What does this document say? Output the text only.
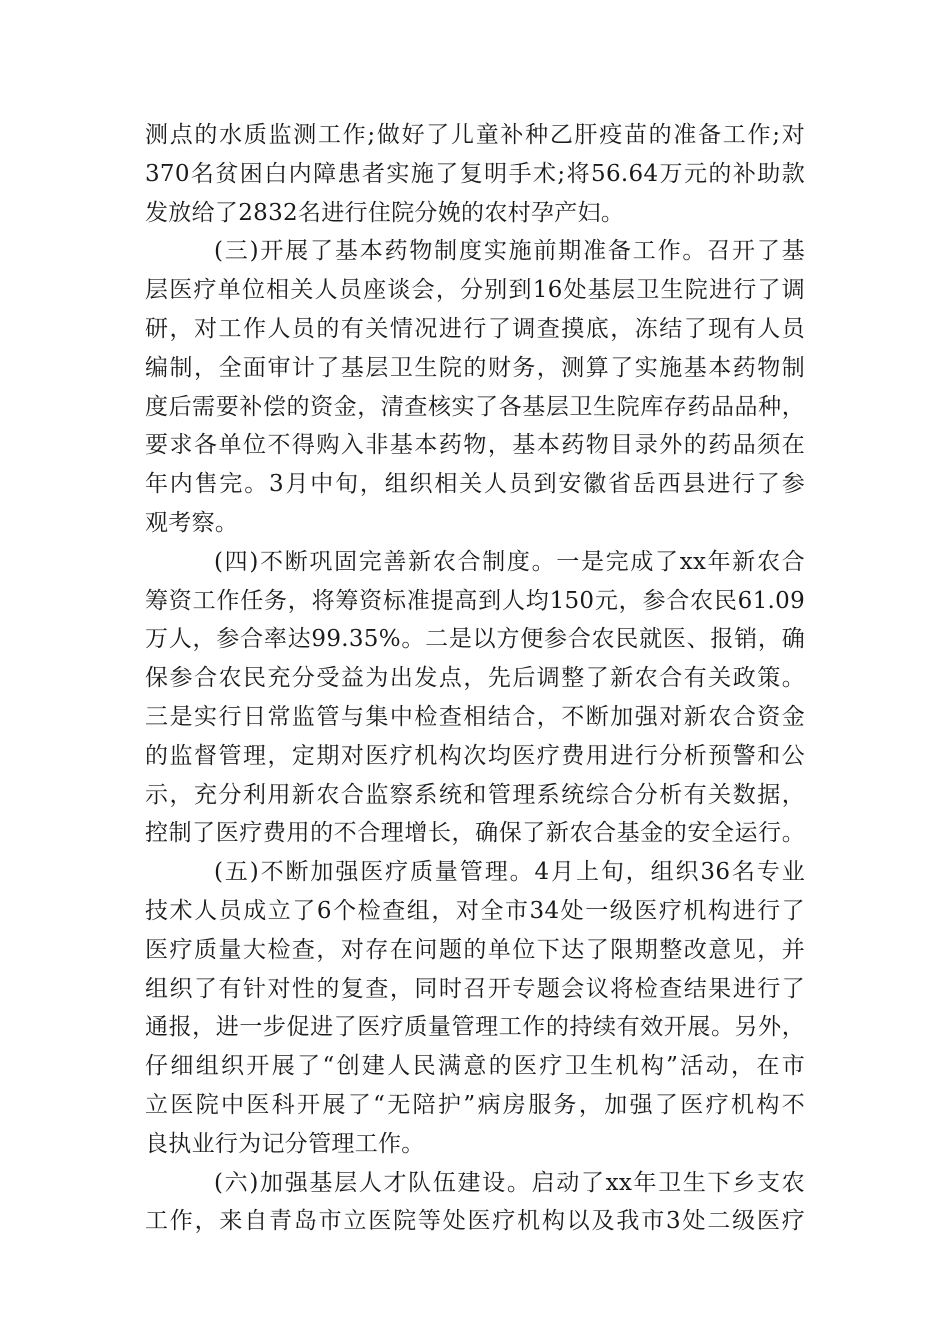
测点的水质监测工作;做好了儿童补种乙肝疫苗的准备工作;对
370名贫困白内障患者实施了复明手术;将56.64万元的补助款
发放给了2832名进行住院分娩的农村孕产妇。
(三)开展了基本药物制度实施前期准备工作。召开了基
层医疗单位相关人员座谈会，分别到16处基层卫生院进行了调
研，对工作人员的有关情况进行了调查摸底，冻结了现有人员
编制，全面审计了基层卫生院的财务，测算了实施基本药物制
度后需要补偿的资金，清查核实了各基层卫生院库存药品品种，
要求各单位不得购入非基本药物，基本药物目录外的药品须在
年内售完。3月中旬，组织相关人员到安徽省岳西县进行了参
观考察。
(四)不断巩固完善新农合制度。一是完成了xx年新农合
筹资工作任务，将筹资标准提高到人均150元，参合农民61.09
万人，参合率达99.35%。二是以方便参合农民就医、报销，确
保参合农民充分受益为出发点，先后调整了新农合有关政策。
三是实行日常监管与集中检查相结合，不断加强对新农合资金
的监督管理，定期对医疗机构次均医疗费用进行分析预警和公
示，充分利用新农合监察系统和管理系统综合分析有关数据，
控制了医疗费用的不合理增长，确保了新农合基金的安全运行。
(五)不断加强医疗质量管理。4月上旬，组织36名专业
技术人员成立了6个检查组，对全市34处一级医疗机构进行了
医疗质量大检查，对存在问题的单位下达了限期整改意见，并
组织了有针对性的复查，同时召开专题会议将检查结果进行了
通报，进一步促进了医疗质量管理工作的持续有效开展。另外，
仔细组织开展了“创建人民满意的医疗卫生机构”活动，在市
立医院中医科开展了“无陪护”病房服务，加强了医疗机构不
良执业行为记分管理工作。
(六)加强基层人才队伍建设。启动了xx年卫生下乡支农
工作，来自青岛市立医院等处医疗机构以及我市3处二级医疗
